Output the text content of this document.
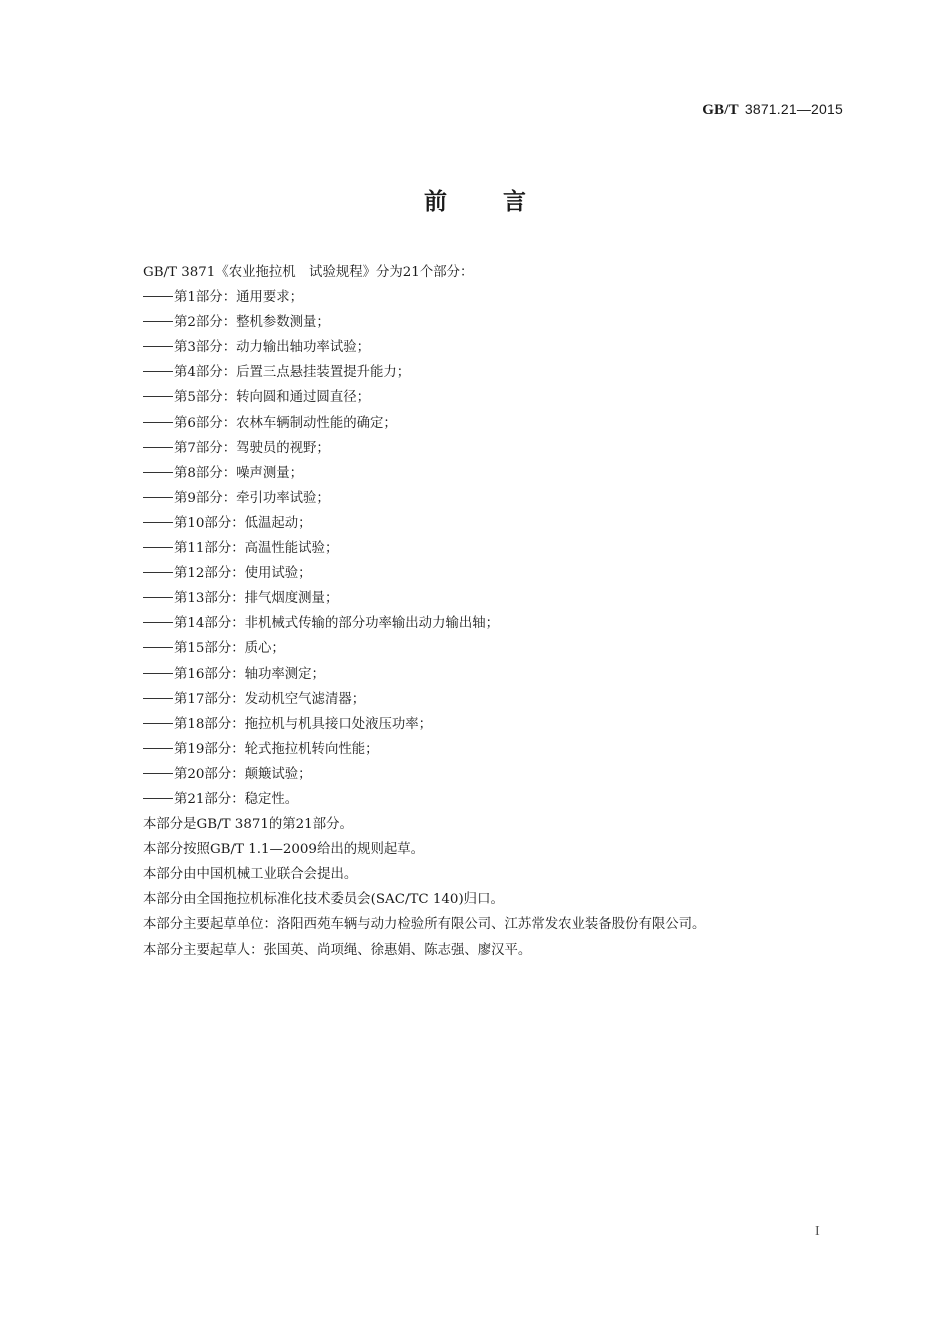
GB/T 3871.21—2015
前 言
GB/T 3871《农业拖拉机　试验规程》分为21个部分：
第1部分：通用要求；
第2部分：整机参数测量；
第3部分：动力输出轴功率试验；
第4部分：后置三点悬挂装置提升能力；
第5部分：转向圆和通过圆直径；
第6部分：农林车辆制动性能的确定；
第7部分：驾驶员的视野；
第8部分：噪声测量；
第9部分：牵引功率试验；
第10部分：低温起动；
第11部分：高温性能试验；
第12部分：使用试验；
第13部分：排气烟度测量；
第14部分：非机械式传输的部分功率输出动力输出轴；
第15部分：质心；
第16部分：轴功率测定；
第17部分：发动机空气滤清器；
第18部分：拖拉机与机具接口处液压功率；
第19部分：轮式拖拉机转向性能；
第20部分：颠簸试验；
第21部分：稳定性。
本部分是GB/T 3871的第21部分。
本部分按照GB/T 1.1—2009给出的规则起草。
本部分由中国机械工业联合会提出。
本部分由全国拖拉机标准化技术委员会(SAC/TC 140)归口。
本部分主要起草单位：洛阳西苑车辆与动力检验所有限公司、江苏常发农业装备股份有限公司。
本部分主要起草人：张国英、尚项绳、徐惠娟、陈志强、廖汉平。
I
